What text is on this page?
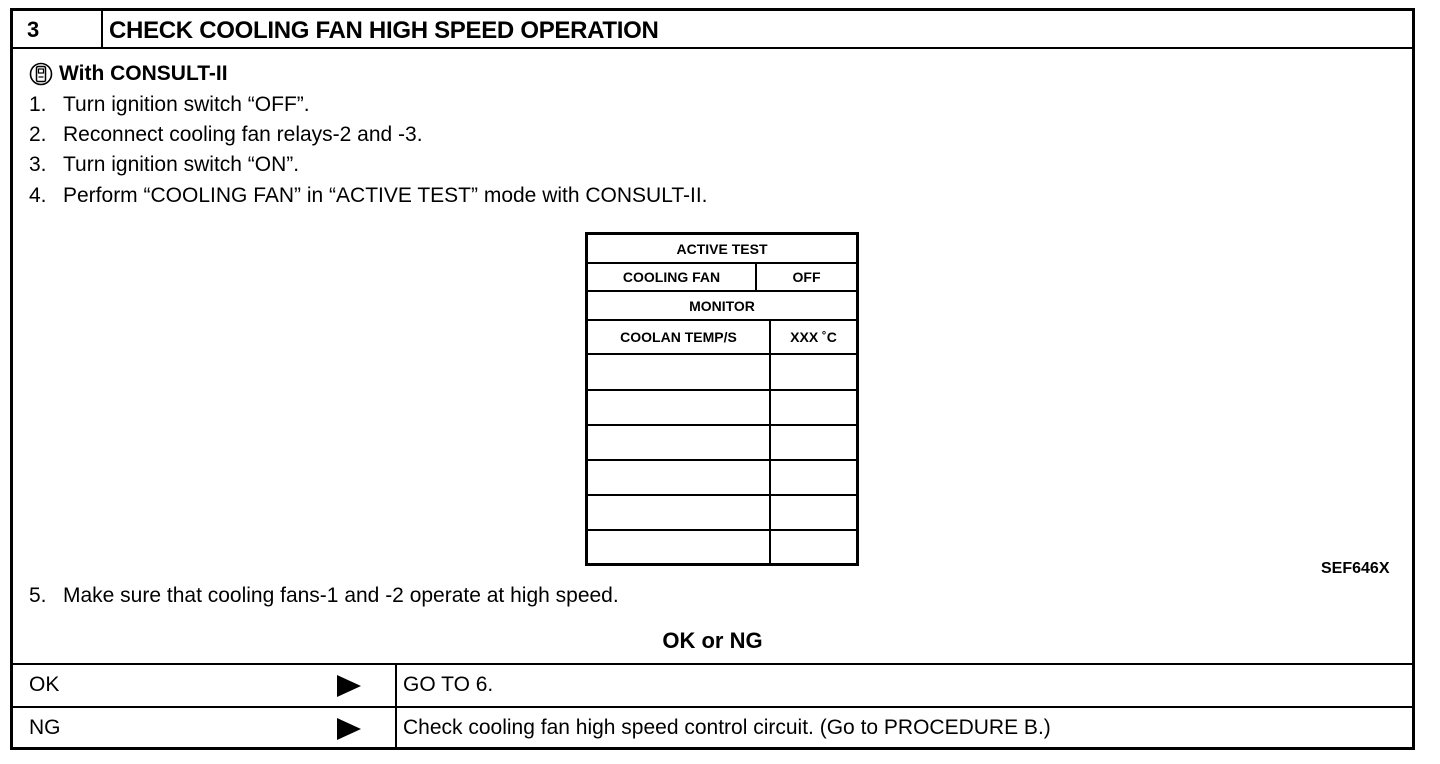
3	CHECK COOLING FAN HIGH SPEED OPERATION
With CONSULT-II
1. Turn ignition switch “OFF”.
2. Reconnect cooling fan relays-2 and -3.
3. Turn ignition switch “ON”.
4. Perform “COOLING FAN” in “ACTIVE TEST” mode with CONSULT-II.
ACTIVE TEST
COOLING FAN	OFF
MONITOR
COOLAN TEMP/S	XXX ˚C
SEF646X
5. Make sure that cooling fans-1 and -2 operate at high speed.
OK or NG
OK	GO TO 6.
NG	Check cooling fan high speed control circuit. (Go to PROCEDURE B.)
